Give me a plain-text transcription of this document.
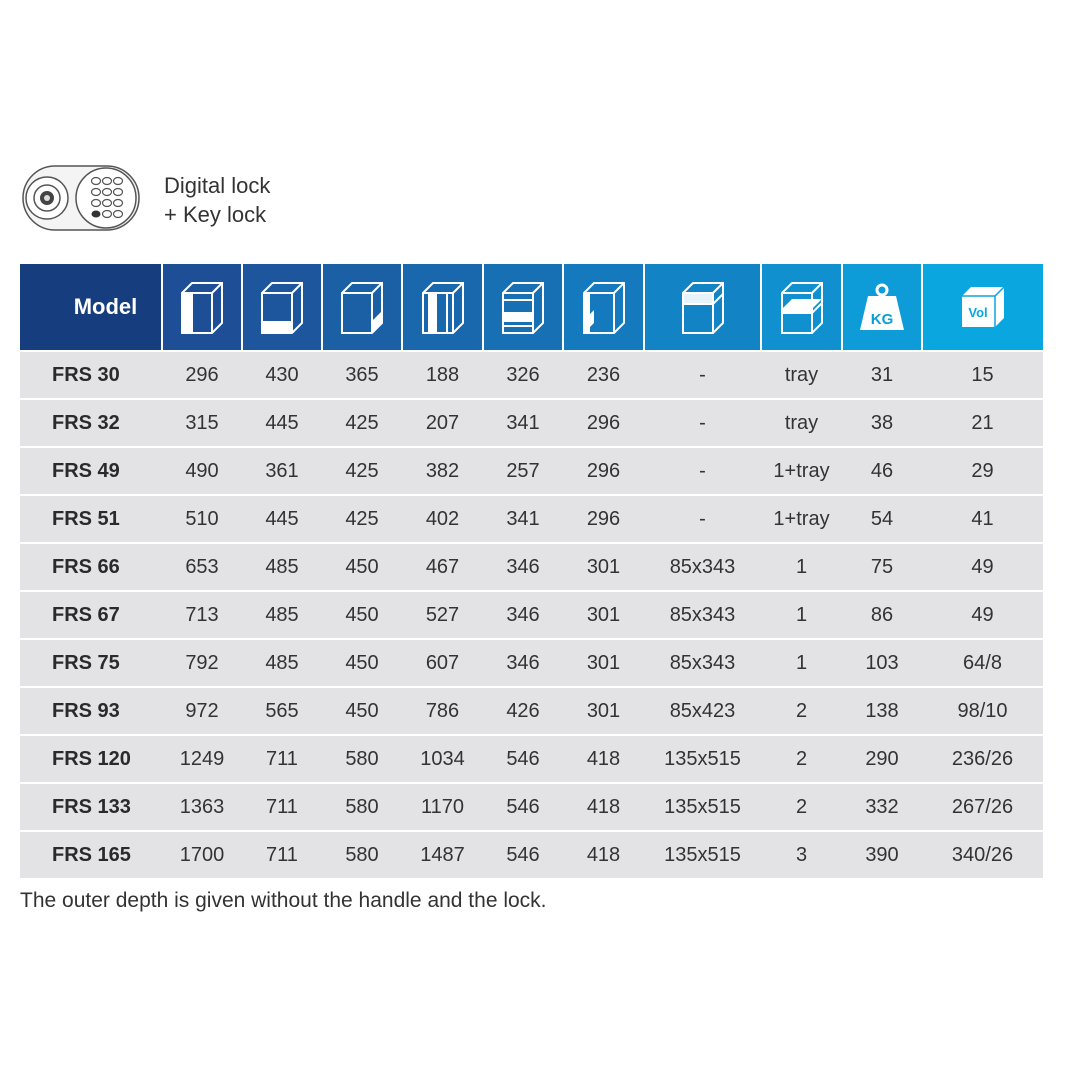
Digital lock
+ Key lock
Model									KG	Vol

FRS 30	296	430	365	188	326	236	-	tray	31	15
FRS 32	315	445	425	207	341	296	-	tray	38	21
FRS 49	490	361	425	382	257	296	-	1+tray	46	29
FRS 51	510	445	425	402	341	296	-	1+tray	54	41
FRS 66	653	485	450	467	346	301	85x343	1	75	49
FRS 67	713	485	450	527	346	301	85x343	1	86	49
FRS 75	792	485	450	607	346	301	85x343	1	103	64/8
FRS 93	972	565	450	786	426	301	85x423	2	138	98/10
FRS 120	1249	711	580	1034	546	418	135x515	2	290	236/26
FRS 133	1363	711	580	1170	546	418	135x515	2	332	267/26
FRS 165	1700	711	580	1487	546	418	135x515	3	390	340/26
The outer depth is given without the handle and the lock.
